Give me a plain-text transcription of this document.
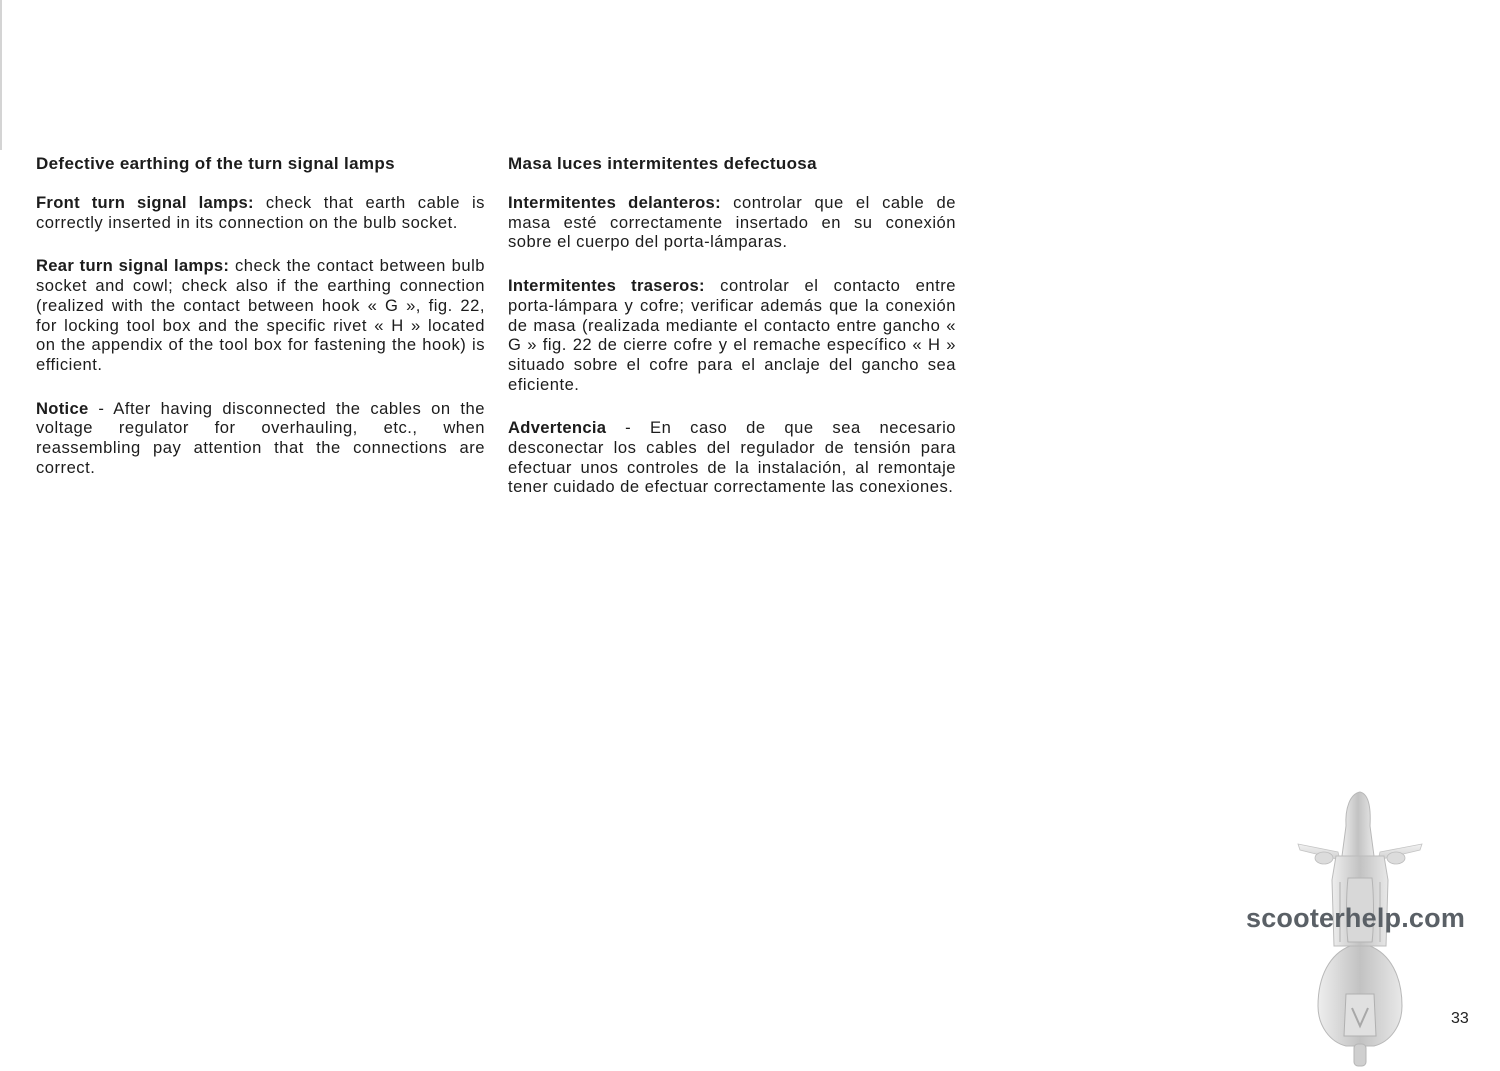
Defective earthing of the turn signal lamps

Front turn signal lamps: check that earth cable is correctly inserted in its connection on the bulb socket.

Rear turn signal lamps: check the contact between bulb socket and cowl; check also if the earthing connection (realized with the contact between hook « G », fig. 22, for locking tool box and the specific rivet « H » located on the appendix of the tool box for fastening the hook) is efficient.

Notice - After having disconnected the cables on the voltage regulator for overhauling, etc., when reassembling pay attention that the connections are correct.

Masa luces intermitentes defectuosa

Intermitentes delanteros: controlar que el cable de masa esté correctamente insertado en su conexión sobre el cuerpo del porta-lámparas.

Intermitentes traseros: controlar el contacto entre porta-lámpara y cofre; verificar además que la conexión de masa (realizada mediante el contacto entre gancho « G » fig. 22 de cierre cofre y el remache específico « H » situado sobre el cofre para el anclaje del gancho sea eficiente.

Advertencia - En caso de que sea necesario desconectar los cables del regulador de tensión para efectuar unos controles de la instalación, al remontaje tener cuidado de efectuar correctamente las conexiones.

scooterhelp.com
33
